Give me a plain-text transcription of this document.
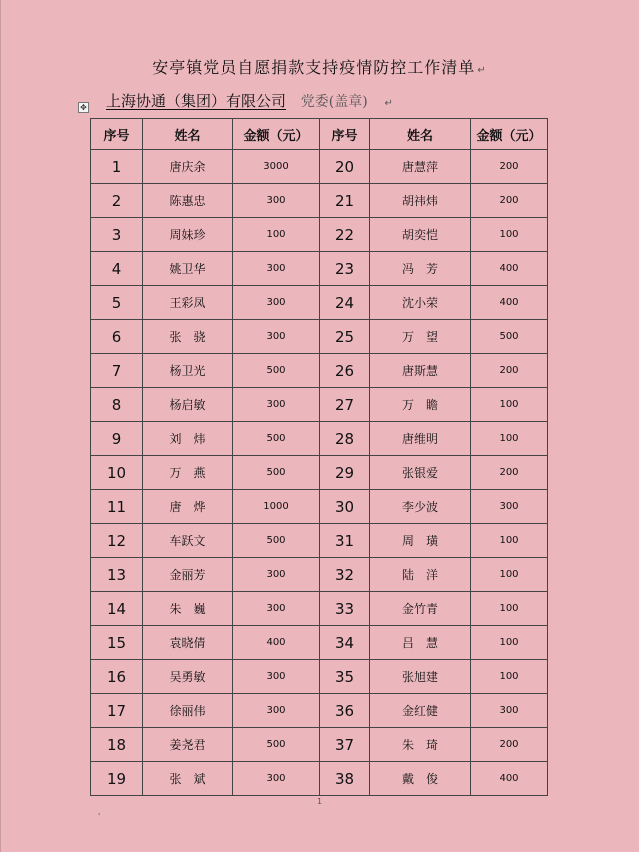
安亭镇党员自愿捐款支持疫情防控工作清单 ↵
✥ 上海协通（集团）有限公司 党委(盖章) ↵
序号	姓名	金额（元）	序号	姓名	金额（元）
1	唐庆余	3000	20	唐慧萍	200
2	陈惠忠	300	21	胡祎炜	200
3	周妹珍	100	22	胡奕恺	100
4	姚卫华	300	23	冯　芳	400
5	王彩凤	300	24	沈小荣	400
6	张　骁	300	25	万　望	500
7	杨卫光	500	26	唐斯慧	200
8	杨启敏	300	27	万　瞻	100
9	刘　炜	500	28	唐维明	100
10	万　燕	500	29	张银爱	200
11	唐　烨	1000	30	李少波	300
12	车跃文	500	31	周　璜	100
13	金丽芳	300	32	陆　洋	100
14	朱　巍	300	33	金竹青	100
15	袁晓倩	400	34	吕　慧	100
16	吴勇敏	300	35	张旭建	100
17	徐丽伟	300	36	金红健	300
18	姜尧君	500	37	朱　琦	200
19	张　斌	300	38	戴　俊	400
1
'
